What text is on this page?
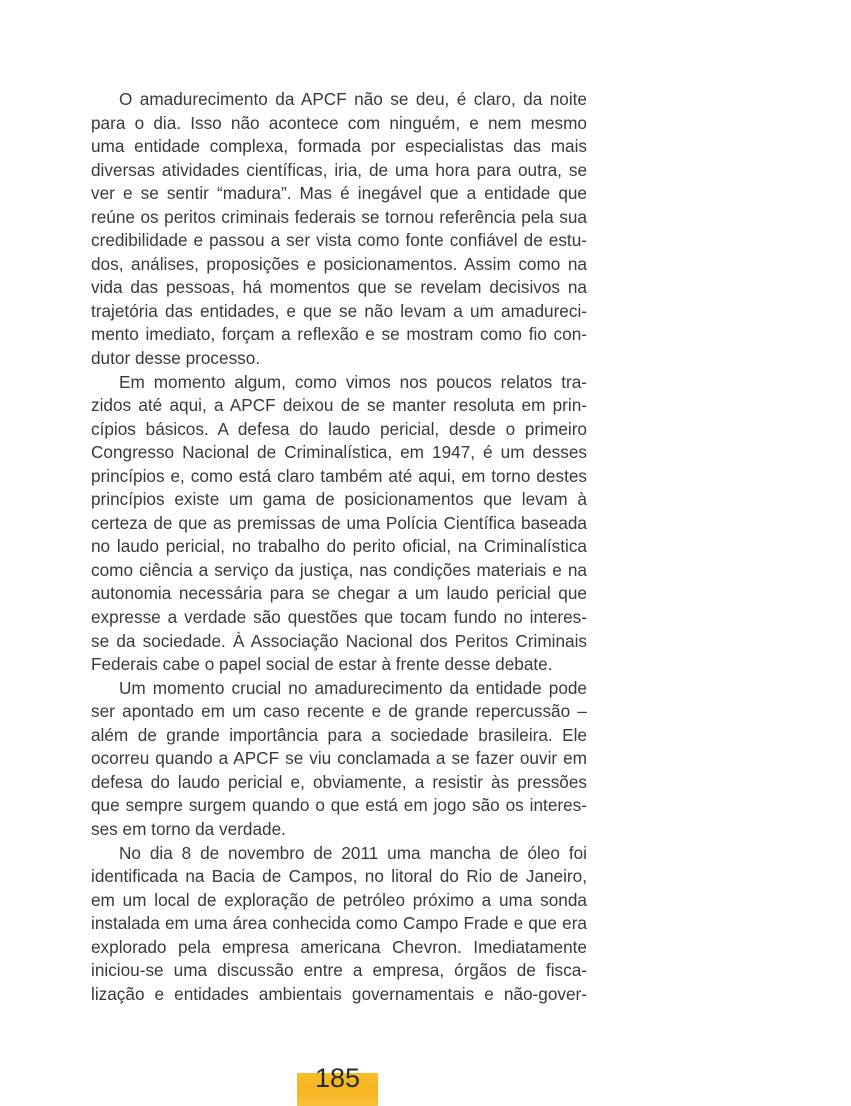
O amadurecimento da APCF não se deu, é claro, da noite
para o dia. Isso não acontece com ninguém, e nem mesmo
uma entidade complexa, formada por especialistas das mais
diversas atividades científicas, iria, de uma hora para outra, se
ver e se sentir “madura”. Mas é inegável que a entidade que
reúne os peritos criminais federais se tornou referência pela sua
credibilidade e passou a ser vista como fonte confiável de estu-
dos, análises, proposições e posicionamentos. Assim como na
vida das pessoas, há momentos que se revelam decisivos na
trajetória das entidades, e que se não levam a um amadureci-
mento imediato, forçam a reflexão e se mostram como fio con-
dutor desse processo.
Em momento algum, como vimos nos poucos relatos tra-
zidos até aqui, a APCF deixou de se manter resoluta em prin-
cípios básicos. A defesa do laudo pericial, desde o primeiro
Congresso Nacional de Criminalística, em 1947, é um desses
princípios e, como está claro também até aqui, em torno destes
princípios existe um gama de posicionamentos que levam à
certeza de que as premissas de uma Polícia Científica baseada
no laudo pericial, no trabalho do perito oficial, na Criminalística
como ciência a serviço da justiça, nas condições materiais e na
autonomia necessária para se chegar a um laudo pericial que
expresse a verdade são questões que tocam fundo no interes-
se da sociedade. À Associação Nacional dos Peritos Criminais
Federais cabe o papel social de estar à frente desse debate.
Um momento crucial no amadurecimento da entidade pode
ser apontado em um caso recente e de grande repercussão –
além de grande importância para a sociedade brasileira. Ele
ocorreu quando a APCF se viu conclamada a se fazer ouvir em
defesa do laudo pericial e, obviamente, a resistir às pressões
que sempre surgem quando o que está em jogo são os interes-
ses em torno da verdade.
No dia 8 de novembro de 2011 uma mancha de óleo foi
identificada na Bacia de Campos, no litoral do Rio de Janeiro,
em um local de exploração de petróleo próximo a uma sonda
instalada em uma área conhecida como Campo Frade e que era
explorado pela empresa americana Chevron. Imediatamente
iniciou-se uma discussão entre a empresa, órgãos de fisca-
lização e entidades ambientais governamentais e não-gover-
185
